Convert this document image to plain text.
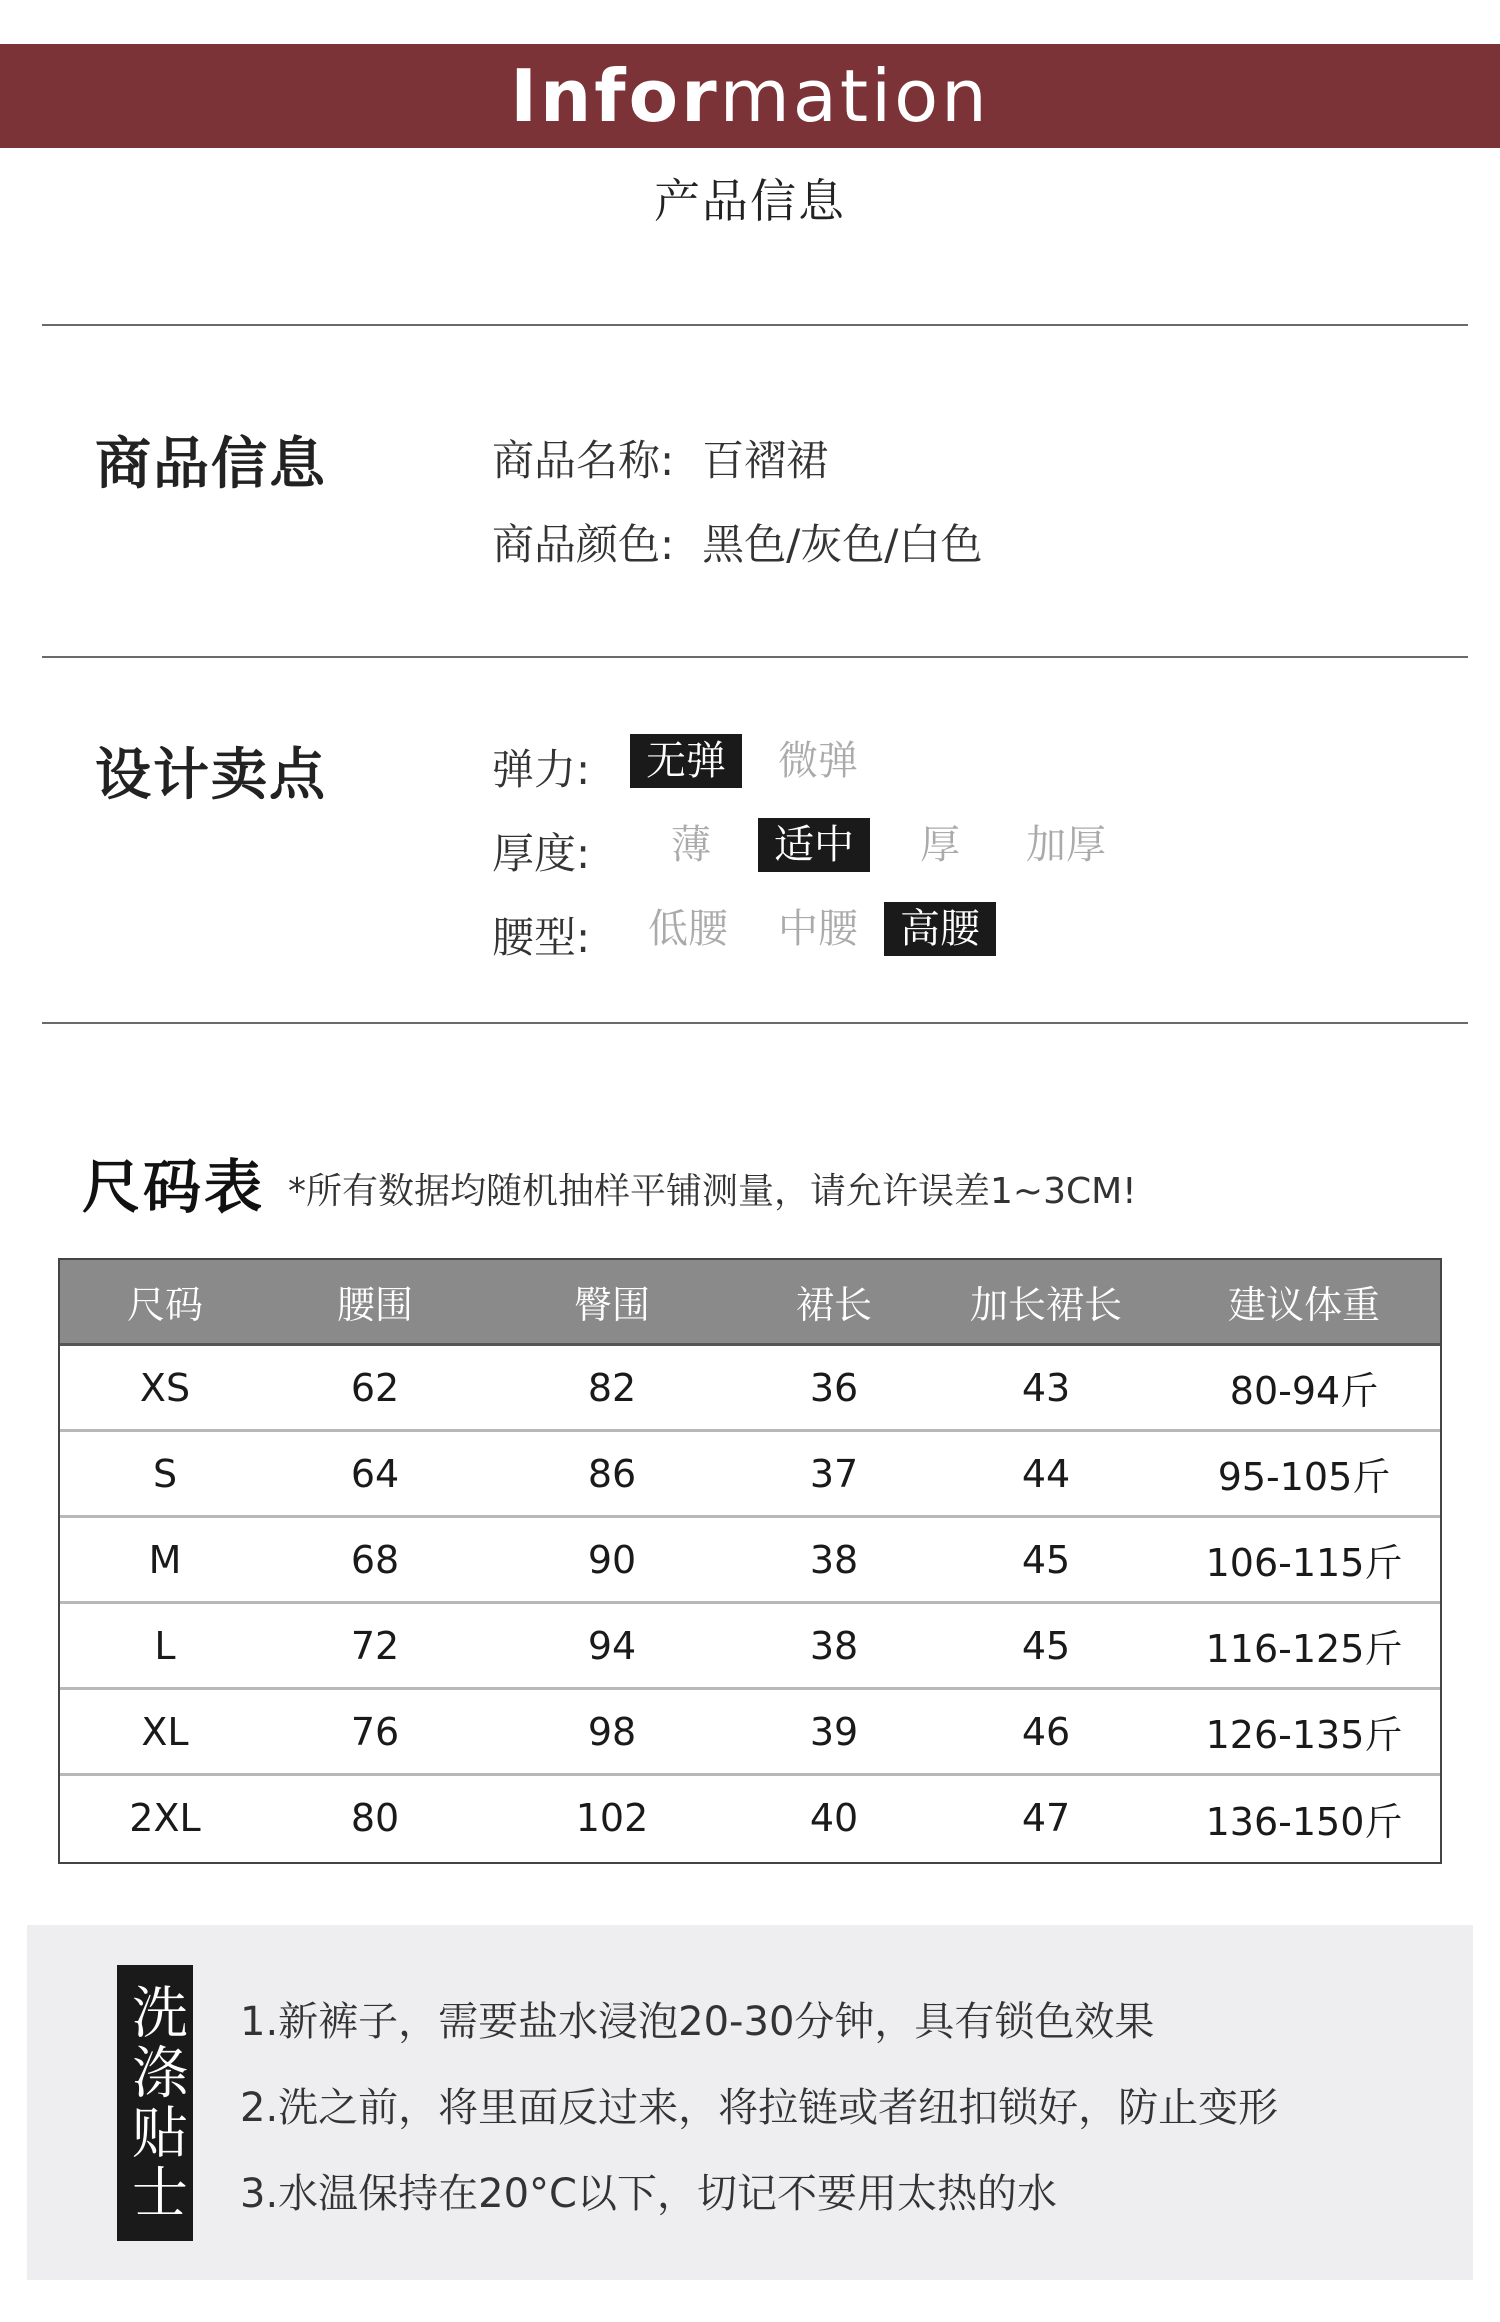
Information
产品信息
商品信息	商品名称: 百褶裙
商品颜色: 黑色/灰色/白色
设计卖点	弹力:	无弹	微弹
厚度:	薄	适中	厚	加厚
腰型:	低腰	中腰	高腰
尺码表 *所有数据均随机抽样平铺测量，请允许误差1~3CM!
尺码	腰围	臀围	裙长	加长裙长	建议体重
XS	62	82	36	43	80-94斤
S	64	86	37	44	95-105斤
M	68	90	38	45	106-115斤
L	72	94	38	45	116-125斤
XL	76	98	39	46	126-135斤
2XL	80	102	40	47	136-150斤
洗涤贴士 1.新裤子，需要盐水浸泡20-30分钟，具有锁色效果
2.洗之前，将里面反过来，将拉链或者纽扣锁好，防止变形
3.水温保持在20°C以下，切记不要用太热的水
